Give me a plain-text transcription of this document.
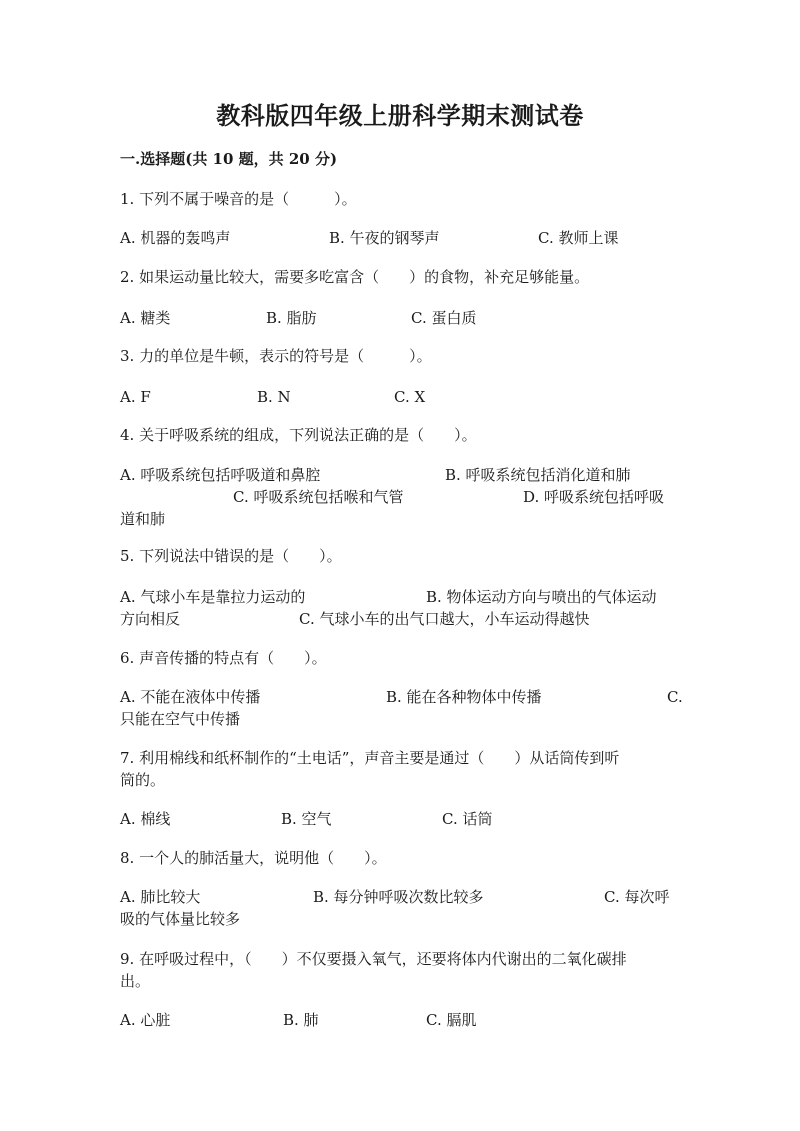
教科版四年级上册科学期末测试卷
一.选择题(共 10 题，共 20 分)
1. 下列不属于噪音的是（　　　）。
A. 机器的轰鸣声	B. 午夜的钢琴声	C. 教师上课
2. 如果运动量比较大，需要多吃富含（　　）的食物，补充足够能量。
A. 糖类	B. 脂肪	C. 蛋白质
3. 力的单位是牛顿，表示的符号是（　　　）。
A. F	B. N	C. X
4. 关于呼吸系统的组成，下列说法正确的是（　　）。
A. 呼吸系统包括呼吸道和鼻腔	B. 呼吸系统包括消化道和肺
C. 呼吸系统包括喉和气管	D. 呼吸系统包括呼吸
道和肺
5. 下列说法中错误的是（　　）。
A. 气球小车是靠拉力运动的	B. 物体运动方向与喷出的气体运动
方向相反	C. 气球小车的出气口越大，小车运动得越快
6. 声音传播的特点有（　　）。
A. 不能在液体中传播	B. 能在各种物体中传播	C.
只能在空气中传播
7. 利用棉线和纸杯制作的“土电话”，声音主要是通过（　　）从话筒传到听
筒的。
A. 棉线	B. 空气	C. 话筒
8. 一个人的肺活量大，说明他（　　）。
A. 肺比较大	B. 每分钟呼吸次数比较多	C. 每次呼
吸的气体量比较多
9. 在呼吸过程中，（　　）不仅要摄入氧气，还要将体内代谢出的二氧化碳排
出。
A. 心脏	B. 肺	C. 膈肌
